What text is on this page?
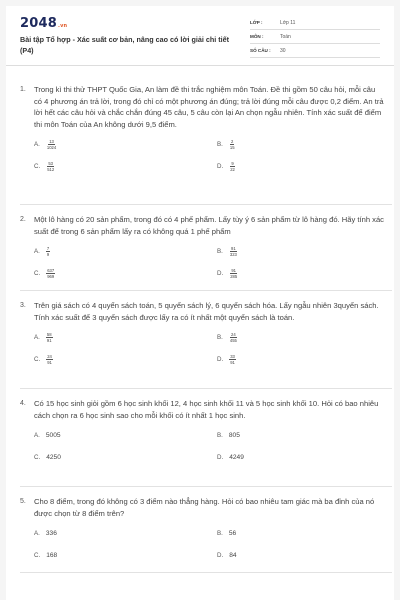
2048.vn
Bài tập Tổ hợp - Xác suất cơ bản, nâng cao có lời giải chi tiết (P4)
LỚP :	Lớp 11
MÔN :	Toán
SỐ CÂU :	30
1.	Trong kì thi thử THPT Quốc Gia, An làm đề thi trắc nghiệm môn Toán. Đề thi gồm 50 câu hỏi, mỗi câu có 4 phương án trả lời, trong đó chỉ có một phương án đúng; trả lời đúng mỗi câu được 0,2 điểm. An trả lời hết các câu hỏi và chắc chắn đúng 45 câu, 5 câu còn lại An chọn ngẫu nhiên. Tính xác suất để điểm thi môn Toán của An không dưới 9,5 điểm.
A. $\frac{13}{1024}$	B. $\frac{2}{15}$
C. $\frac{53}{512}$	D. $\frac{9}{22}$
2.	Một lô hàng có 20 sản phẩm, trong đó có 4 phế phẩm. Lấy tùy ý 6 sản phẩm từ lô hàng đó. Hãy tính xác suất để trong 6 sản phẩm lấy ra có không quá 1 phế phẩm
A. $\frac{7}{9}$	B. $\frac{91}{323}$
C. $\frac{637}{969}$	D. $\frac{91}{285}$
3.	Trên giá sách có 4 quyển sách toán, 5 quyển sách lý, 6 quyển sách hóa. Lấy ngẫu nhiên 3quyển sách. Tính xác suất để 3 quyển sách được lấy ra có ít nhất một quyển sách là toán.
A. $\frac{58}{91}$	B. $\frac{24}{455}$
C. $\frac{24}{91}$	D. $\frac{33}{91}$
4.	Có 15 học sinh giỏi gồm 6 học sinh khối 12, 4 học sinh khối 11 và 5 học sinh khối 10. Hỏi có bao nhiêu cách chọn ra 6 học sinh sao cho mỗi khối có ít nhất 1 học sinh.
A. 5005	B. 805
C. 4250	D. 4249
5.	Cho 8 điểm, trong đó không có 3 điểm nào thẳng hàng. Hỏi có bao nhiêu tam giác mà ba đỉnh của nó được chọn từ 8 điểm trên?
A. 336	B. 56
C. 168	D. 84
